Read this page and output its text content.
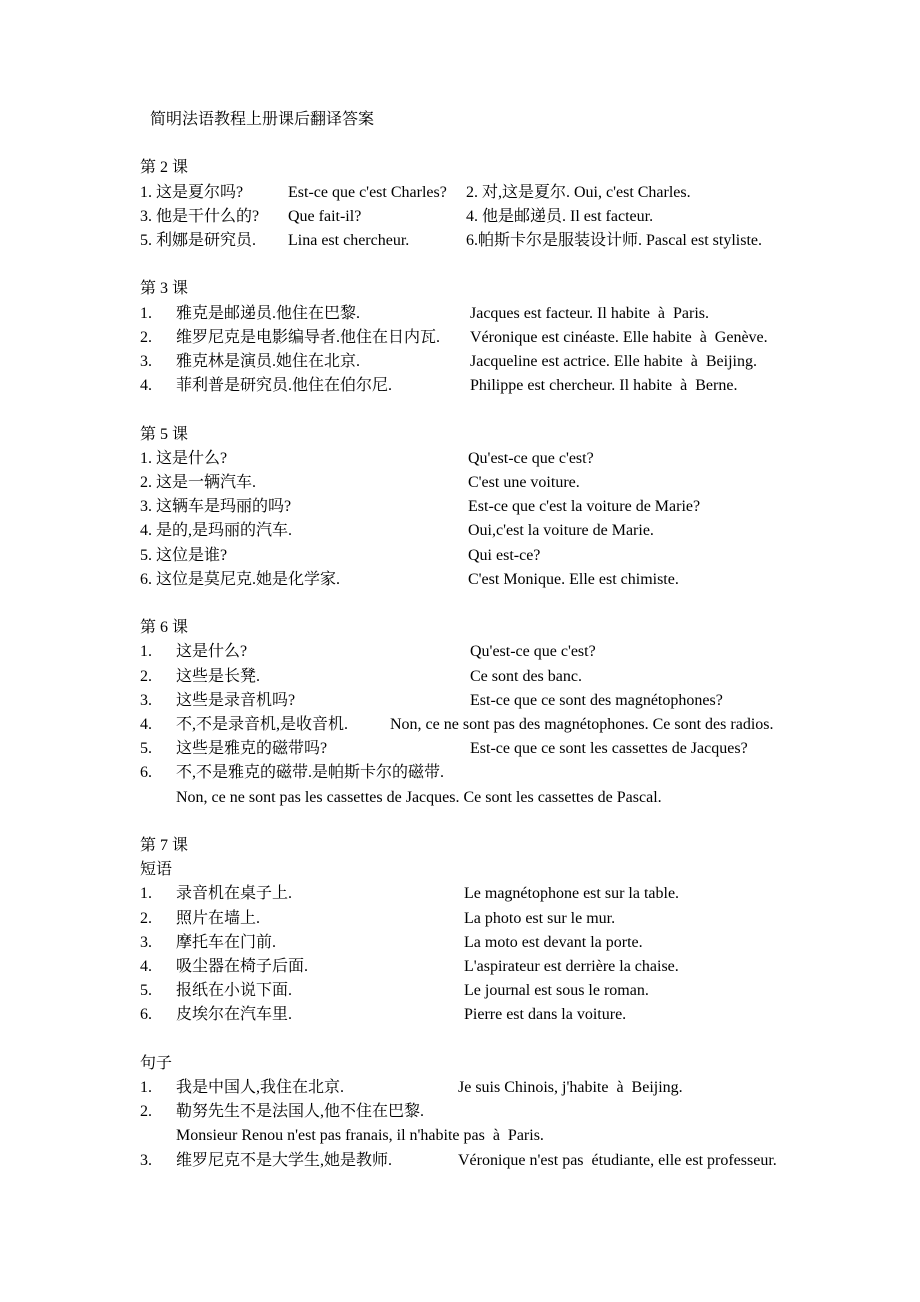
简明法语教程上册课后翻译答案
第 2 课
1. 这是夏尔吗?	Est-ce que c'est Charles?	2. 对,这是夏尔. Oui, c'est Charles.
3. 他是干什么的?	Que fait-il?	4. 他是邮递员. Il est facteur.
5. 利娜是研究员.	Lina est chercheur.	6.帕斯卡尔是服装设计师. Pascal est styliste.
第 3 课
1.	雅克是邮递员.他住在巴黎.	Jacques est facteur. Il habite  à  Paris.
2.	维罗尼克是电影编导者.他住在日内瓦.	Véronique est cinéaste. Elle habite  à  Genève.
3.	雅克林是演员.她住在北京.	Jacqueline est actrice. Elle habite  à  Beijing.
4.	菲利普是研究员.他住在伯尔尼.	Philippe est chercheur. Il habite  à  Berne.
第 5 课
1. 这是什么?	Qu'est-ce que c'est?
2. 这是一辆汽车.	C'est une voiture.
3. 这辆车是玛丽的吗?	Est-ce que c'est la voiture de Marie?
4. 是的,是玛丽的汽车.	Oui,c'est la voiture de Marie.
5. 这位是谁?	Qui est-ce?
6. 这位是莫尼克.她是化学家.	C'est Monique. Elle est chimiste.
第 6 课
1.	这是什么?	Qu'est-ce que c'est?
2.	这些是长凳.	Ce sont des banc.
3.	这些是录音机吗?	Est-ce que ce sont des magnétophones?
4.	不,不是录音机,是收音机.	Non, ce ne sont pas des magnétophones. Ce sont des radios.
5.	这些是雅克的磁带吗?	Est-ce que ce sont les cassettes de Jacques?
6.	不,不是雅克的磁带.是帕斯卡尔的磁带.
Non, ce ne sont pas les cassettes de Jacques. Ce sont les cassettes de Pascal.
第 7 课
短语
1.	录音机在桌子上.	Le magnétophone est sur la table.
2.	照片在墙上.	La photo est sur le mur.
3.	摩托车在门前.	La moto est devant la porte.
4.	吸尘器在椅子后面.	L'aspirateur est derrière la chaise.
5.	报纸在小说下面.	Le journal est sous le roman.
6.	皮埃尔在汽车里.	Pierre est dans la voiture.
句子
1.	我是中国人,我住在北京.	Je suis Chinois, j'habite  à  Beijing.
2.	勒努先生不是法国人,他不住在巴黎.
Monsieur Renou n'est pas franais, il n'habite pas  à  Paris.
3.	维罗尼克不是大学生,她是教师.	Véronique n'est pas  étudiante, elle est professeur.
